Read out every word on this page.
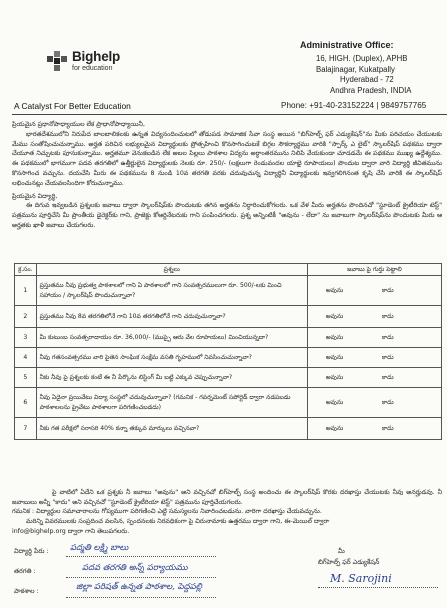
Bighelp
for education
A Catalyst For Better Education
Administrative Office:
16, HIGH. (Duplex), APHB
Balajinagar, Kukatpally
Hyderabad - 72
Andhra Pradesh, INDIA
Phone: +91-40-23152224 | 9849757765

ప్రియమైన ప్రధానోపాధ్యాయుల లేక ప్రాధానోపాధ్యాయినీ,

భారతదేశములోని నిరుపేద బాలబాలికలకు ఉన్నత విద్యనందించుటలో తోడుపడ సామాజిక సేవా సంస్థ అయిన "బిగ్‌హెల్ప్ ఫర్ ఎడ్యుకేషన్"ను మీకు పరిచయం చేయుటకు మేము సంతోషించుచున్నాము. అర్హత పరిచిన లభ్యులమైన విద్యార్థులకు ప్రోత్సహించి కొనసాగించుటకే బిగ్గల సౌకర్యార్థము వారికి "స్పార్క్ ఎ లైట్" స్కాలర్‌షిప్ పథకము ద్వారా చేయూత నిచ్చుటకు పూనుకున్నాము. అర్హతమూ వెనుకబడిన లేక అబల పిల్లలు పాఠశాల విద్యను అర్ధాంతరమును నిలిపి వేయకుండా చూడడమే ఈ పథకము ముఖ్య ఉద్దేశ్యము. ఈ పథకములో భాగముగా పదవ తరగతిలో ఉత్తీర్ణులైన విద్యార్థులకు నెలకు రూ. 250/- (లక్షలుగా రెండువందల యాభై రూపాయలు) పొందుట ద్వారా వారి విద్యార్థి జీవితమును కొనసాగించ వచ్చును. దయచేసి మీరు ఈ పథకమును 8 నుండి 10వ తరగతి వరకు చదువుచున్న విద్యార్థినీ విద్యార్థులకు ఇవ్వగలిగినంత కృషి చేసి వారికి ఈ స్కాలర్‌షిప్ లభించునట్లు చేయవలసిందిగా కోరుచున్నాము.

ప్రియమైన విద్యార్థి,

ఈ దిగువ ఇవ్వబడిన ప్రశ్నలకు జవాబు ద్వారా స్కాలర్‌షిప్‌కు పొందుటకు తగిన అర్హతను నిర్ధారించుకోగలరు. ఒక వేళ మీరు అర్హతను పొందినచో "స్టూడెంట్ క్రైటీరియా టెస్ట్" పత్రమును పూర్తిచేసి మీ ప్రాంతీయ డైరెక్టర్‌కు గాని, ప్రాజెక్టు కోఆర్డినేటరుకు గాని పంపించగలరు. ప్రశ్న అన్నింటికీ "అవును - లేదా" ను జవాబుగా స్కాలర్‌షిప్‌ను పొందుటకు మీరు ఆ అర్హతకు ఖాళీ జవాబు చేయగలరు.

క్ర.సం.	ప్రశ్నలు	జవాబు పై గుర్తు పెట్టాలి
1	ప్రస్తుతము నీవు ప్రభుత్వ పాఠశాలలో గాని ఏ పాఠశాలలో గాని సంవత్సరములుగా రూ. 500/-లకు మించి సహాయం / స్కాలర్‌షిప్ పొందుచున్నావా?	అవును కాదు

2	ప్రస్తుతము నీవు 8వ తరగతిలోనే గాని 10వ తరగతిలోనే గాని చదువుచున్నావా?	అవును కాదు

3	మీ కుటుంబ సంవత్సరాదాయం రూ. 36,000/- (ముప్పై ఆరు వేల రూపాయలు) మించియున్నదా?	అవును కాదు

4	నీవు గతసంవత్సరము వారి పైతెన సాంఘిక సంక్షేమ వసతి గృహములో నివసించుచున్నావా?	అవును కాదు

5	నీకు నీవు పై ప్రశ్నలకు కంటే ఈ నీ పేర్కొను లిస్టింగ్ మీ బట్టి ఎక్కువ చెప్పుచున్నావా?	అవును కాదు

6	నీవు ఏదైనా ప్రయివేటు విద్యా సంస్థలో చదువుచున్నావా? (గమనిక - గవర్నమెంట్ సపోర్టెడ్ ద్వారా నడపబడు పాఠశాలలను ప్రైవేటు పాఠశాలగా పరిగణించబడదు)	అవును కాదు

7	నీకు గత పరీక్షలో సరాసరి 40% కన్నా తక్కువ మార్కులు వచ్చినవా?	అవును కాదు

పై వాటిలో ఏదేని ఒక ప్రశ్నకు నీ జవాబు "అవును" అని వచ్చినచో బిగ్‌హెల్ప్ సంస్థ అందించు ఈ స్కాలర్‌షిప్ కొరకు దరఖాస్తు చేయుటకు నీవు అనర్హుడవు. నీ జవాబులు అన్నీ "కాదు" అని వచ్చినచో "స్టూడెంట్ క్రైటీరియా టెస్ట్" పత్రమును పూర్తిచేయగలరు.

గమనిక : విద్యార్థుల సమాచారాలను గోప్యముగా పరిగణించి ఎట్టి సమస్యలను నివారించబడును. వారిగా దరఖాస్తు చేయవచ్చును.

మరిన్ని వివరములకు సంప్రదించ వలసిన, స్పందనలకు నిరవధికంగా పై చిరునామాకు ఉత్తరము ద్వారా గాని, ఈ-మెయిల్ ద్వారా

info@bighelp.org ద్వారా గాని తెలుపగలరు.
విద్యార్థి పేరు :	పద్మతి లక్ష్మి బాలు
తరగతి :	పదవ తరగతి అన్న్ పర్యాయము
పాఠశాల :	జిల్లా పరిషత్ ఉన్నత పాఠశాల, పెద్దపల్లి
మీ
బిగ్‌హెల్ప్ ఫర్ ఎడ్యుకేషన్
M. Sarojini
